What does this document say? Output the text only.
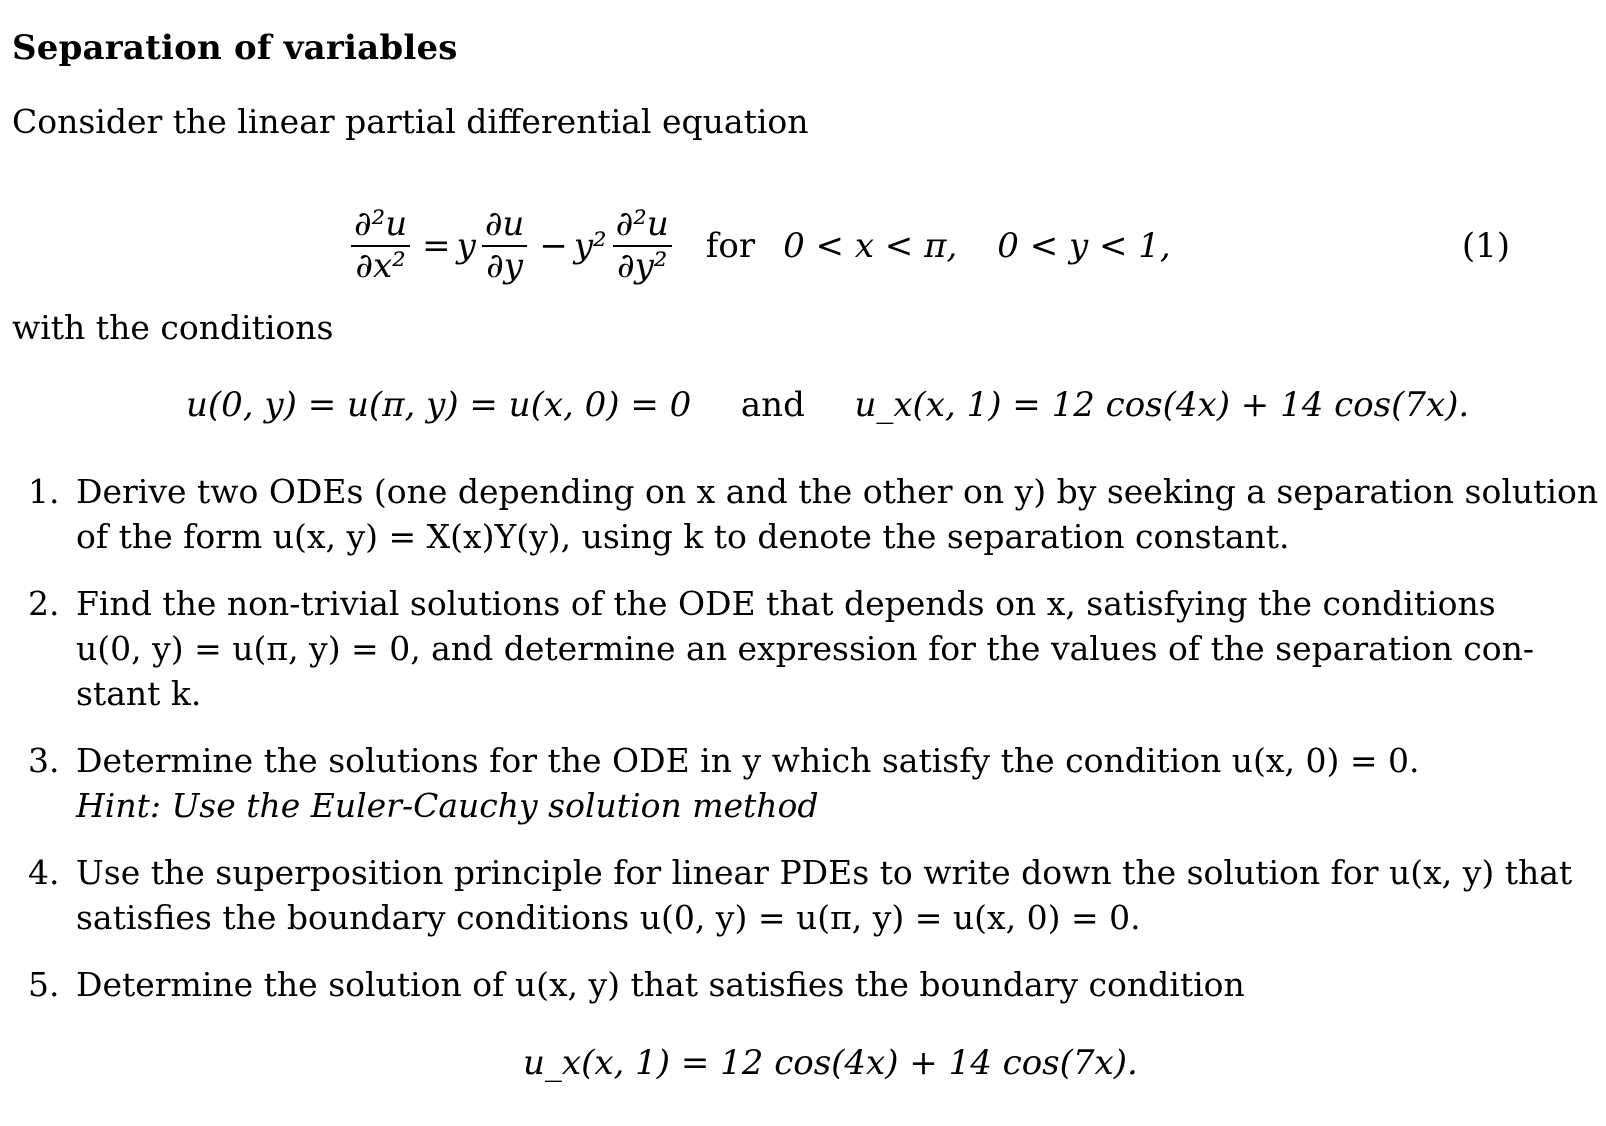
Separation of variables
Consider the linear partial differential equation
$\frac{\text{∂²u}}{\text{∂x²}} = y \frac{\partial u}{\partial y} - y^2 \frac{\text{∂²u}}{\text{∂y²}}$ for 0 < x < π, 0 < y < 1,	(1)
with the conditions
u(0, y) = u(π, y) = u(x, 0) = 0 and u_x(x, 1) = 12 cos(4x) + 14 cos(7x).
1. Derive two ODEs (one depending on x and the other on y) by seeking a separation solution
of the form u(x, y) = X(x)Y(y), using k to denote the separation constant.
2. Find the non-trivial solutions of the ODE that depends on x, satisfying the conditions
u(0, y) = u(π, y) = 0, and determine an expression for the values of the separation con-
stant k.
3. Determine the solutions for the ODE in y which satisfy the condition u(x, 0) = 0.
Hint: Use the Euler-Cauchy solution method
4. Use the superposition principle for linear PDEs to write down the solution for u(x, y) that
satisfies the boundary conditions u(0, y) = u(π, y) = u(x, 0) = 0.
5. Determine the solution of u(x, y) that satisfies the boundary condition
u_x(x, 1) = 12 cos(4x) + 14 cos(7x).
